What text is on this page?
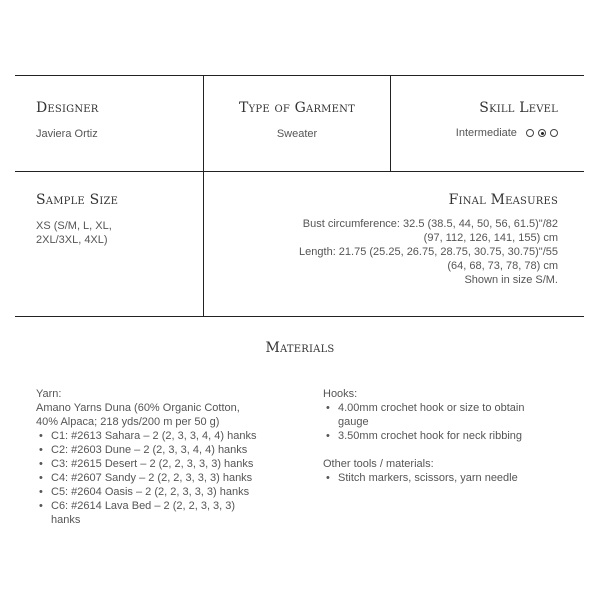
Designer
Javiera Ortiz
Type of Garment
Sweater
Skill Level
Intermediate
Sample Size
XS (S/M, L, XL,
2XL/3XL, 4XL)
Final Measures
Bust circumference: 32.5 (38.5, 44, 50, 56, 61.5)"/82
(97, 112, 126, 141, 155) cm
Length: 21.75 (25.25, 26.75, 28.75, 30.75, 30.75)"/55
(64, 68, 73, 78, 78) cm
Shown in size S/M.
Materials
Yarn:
Amano Yarns Duna (60% Organic Cotton,
40% Alpaca; 218 yds/200 m per 50 g)
• C1: #2613 Sahara – 2 (2, 3, 3, 4, 4) hanks
• C2: #2603 Dune – 2 (2, 3, 3, 4, 4) hanks
• C3: #2615 Desert – 2 (2, 2, 3, 3, 3) hanks
• C4: #2607 Sandy – 2 (2, 2, 3, 3, 3) hanks
• C5: #2604 Oasis – 2 (2, 2, 3, 3, 3) hanks
• C6: #2614 Lava Bed – 2 (2, 2, 3, 3, 3)
hanks
Hooks:
• 4.00mm crochet hook or size to obtain
gauge
• 3.50mm crochet hook for neck ribbing
Other tools / materials:
• Stitch markers, scissors, yarn needle
